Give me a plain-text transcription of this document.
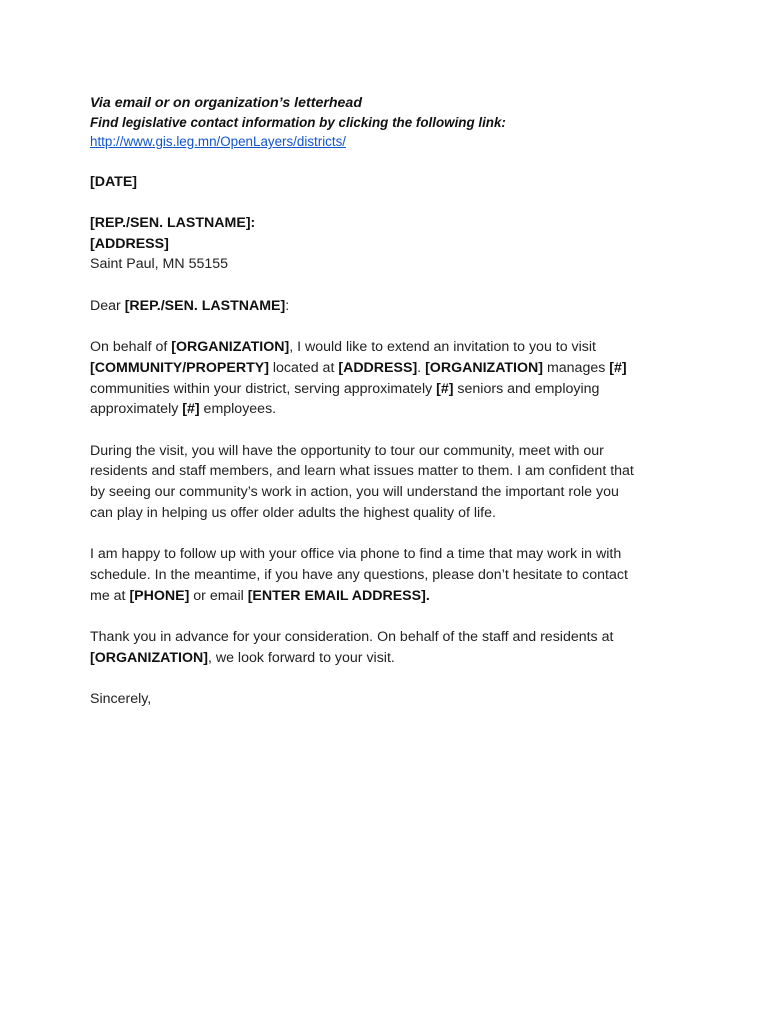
Via email or on organization’s letterhead
Find legislative contact information by clicking the following link:
http://www.gis.leg.mn/OpenLayers/districts/
[DATE]
[REP./SEN. LASTNAME]:
[ADDRESS]
Saint Paul, MN 55155
Dear [REP./SEN. LASTNAME]:
On behalf of [ORGANIZATION], I would like to extend an invitation to you to visit
[COMMUNITY/PROPERTY] located at [ADDRESS]. [ORGANIZATION] manages [#]
communities within your district, serving approximately [#] seniors and employing
approximately [#] employees.
During the visit, you will have the opportunity to tour our community, meet with our
residents and staff members, and learn what issues matter to them. I am confident that
by seeing our community’s work in action, you will understand the important role you
can play in helping us offer older adults the highest quality of life.
I am happy to follow up with your office via phone to find a time that may work in with
schedule. In the meantime, if you have any questions, please don’t hesitate to contact
me at [PHONE] or email [ENTER EMAIL ADDRESS].
Thank you in advance for your consideration. On behalf of the staff and residents at
[ORGANIZATION], we look forward to your visit.
Sincerely,
